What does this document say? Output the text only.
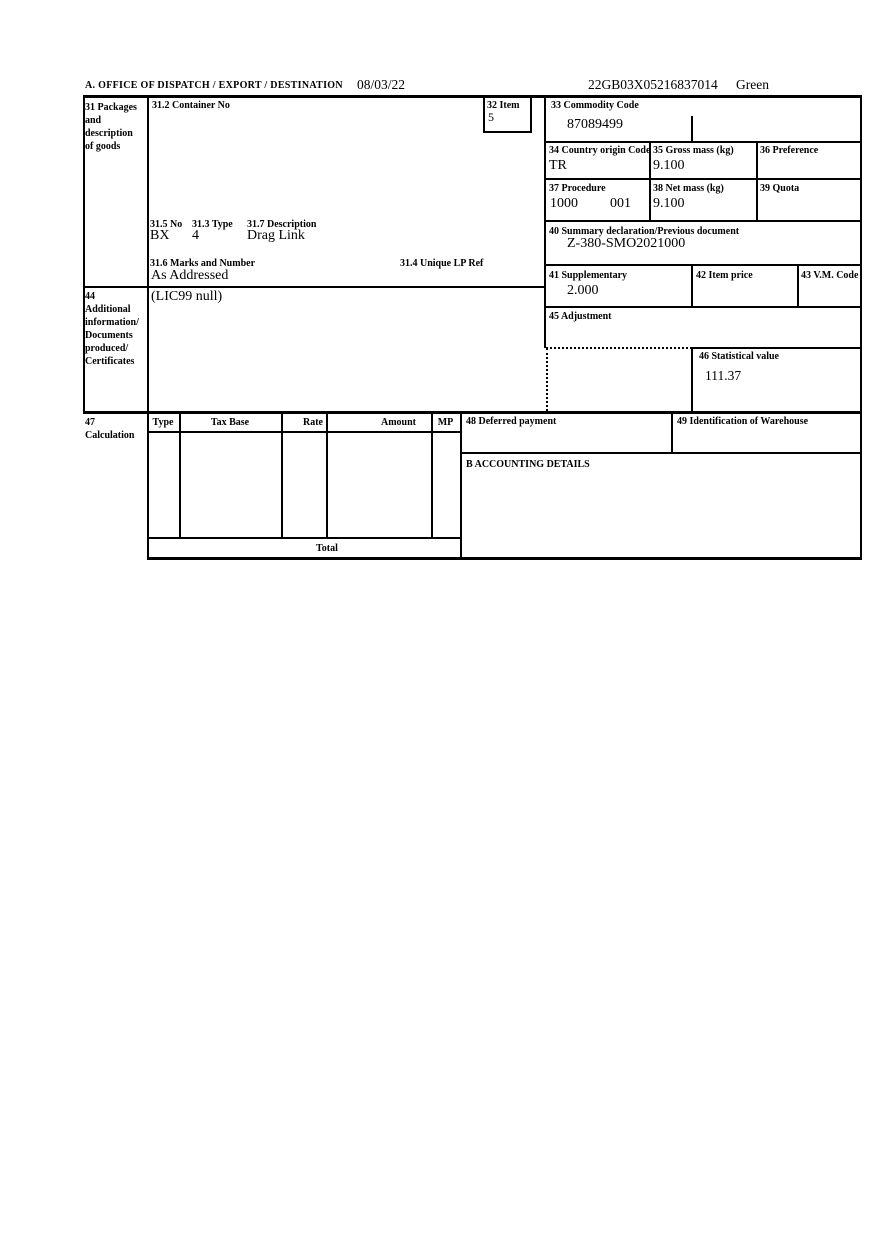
A. OFFICE OF DISPATCH / EXPORT / DESTINATION 08/03/22	22GB03X05216837014 Green
31 Packages
and
description
of goods
31.2 Container No	32 Item
5
33 Commodity Code
87089499
34 Country origin Code
TR
35 Gross mass (kg)
9.100
36 Preference
37 Procedure
1000 001
38 Net mass (kg)
9.100
39 Quota
31.5 No 31.3 Type 31.7 Description
BX 4	Drag Link
31.6 Marks and Number	31.4 Unique LP Ref
As Addressed
40 Summary declaration/Previous document
Z-380-SMO2021000
41 Supplementary
2.000
42 Item price	43 V.M. Code
44
Additional
information/
Documents
produced/
Certificates
(LIC99 null)
45 Adjustment
46 Statistical value
111.37
47
Calculation
Type	Tax Base	Rate	Amount	MP
Total
48 Deferred payment	49 Identification of Warehouse
B ACCOUNTING DETAILS
